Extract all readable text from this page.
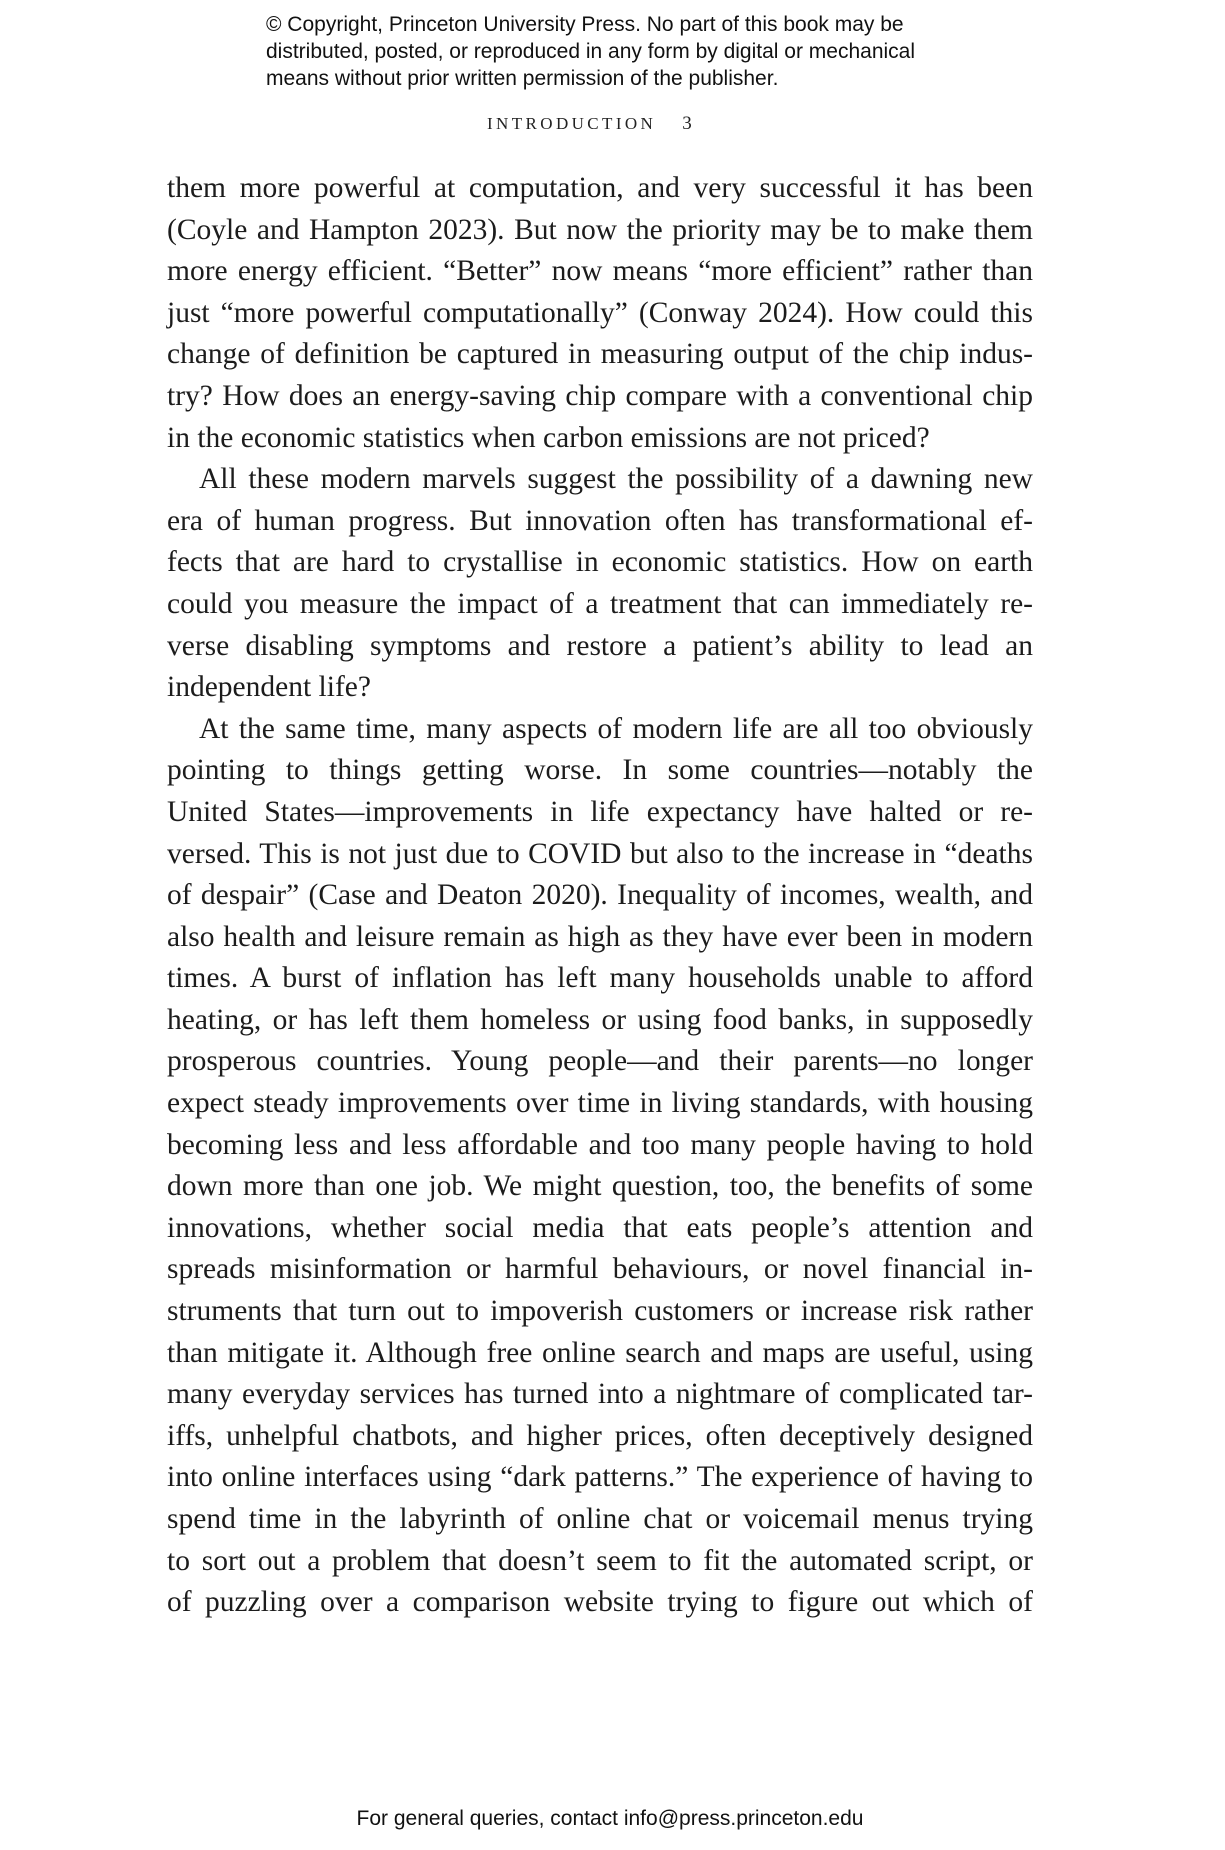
© Copyright, Princeton University Press. No part of this book may be
distributed, posted, or reproduced in any form by digital or mechanical
means without prior written permission of the publisher.
INTRODUCTION 3
them more powerful at computation, and very successful it has been
(Coyle and Hampton 2023). But now the priority may be to make them
more energy efficient. “Better” now means “more efficient” rather than
just “more powerful computationally” (Conway 2024). How could this
change of definition be captured in measuring output of the chip indus-
try? How does an energy-saving chip compare with a conventional chip
in the economic statistics when carbon emissions are not priced?
All these modern marvels suggest the possibility of a dawning new
era of human progress. But innovation often has transformational ef-
fects that are hard to crystallise in economic statistics. How on earth
could you measure the impact of a treatment that can immediately re-
verse disabling symptoms and restore a patient’s ability to lead an
independent life?
At the same time, many aspects of modern life are all too obviously
pointing to things getting worse. In some countries—notably the
United States—improvements in life expectancy have halted or re-
versed. This is not just due to COVID but also to the increase in “deaths
of despair” (Case and Deaton 2020). Inequality of incomes, wealth, and
also health and leisure remain as high as they have ever been in modern
times. A burst of inflation has left many households unable to afford
heating, or has left them homeless or using food banks, in supposedly
prosperous countries. Young people—and their parents—no longer
expect steady improvements over time in living standards, with housing
becoming less and less affordable and too many people having to hold
down more than one job. We might question, too, the benefits of some
innovations, whether social media that eats people’s attention and
spreads misinformation or harmful behaviours, or novel financial in-
struments that turn out to impoverish customers or increase risk rather
than mitigate it. Although free online search and maps are useful, using
many everyday services has turned into a nightmare of complicated tar-
iffs, unhelpful chatbots, and higher prices, often deceptively designed
into online interfaces using “dark patterns.” The experience of having to
spend time in the labyrinth of online chat or voicemail menus trying
to sort out a problem that doesn’t seem to fit the automated script, or
of puzzling over a comparison website trying to figure out which of
For general queries, contact info@press.princeton.edu
